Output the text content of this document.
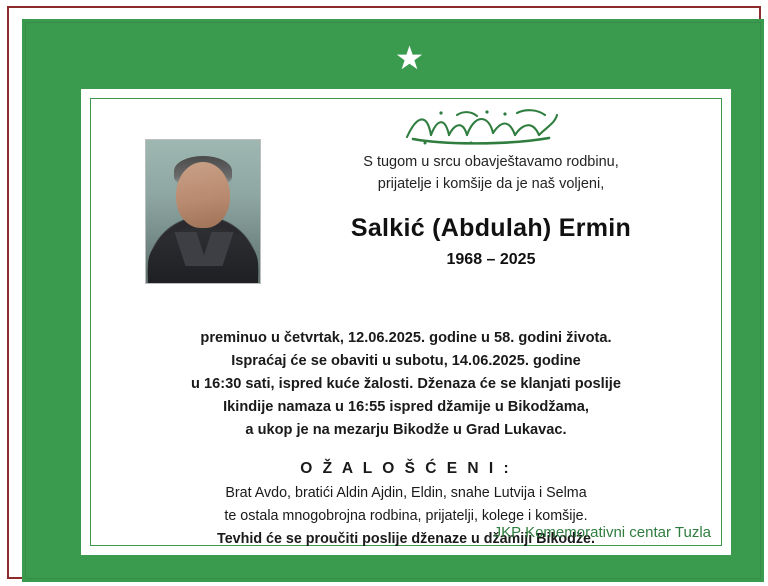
S tugom u srcu obavještavamo rodbinu,
prijatelje i komšije da je naš voljeni,
Salkić (Abdulah) Ermin
1968 – 2025
preminuo u četvrtak, 12.06.2025. godine u 58. godini života.
Ispraćaj će se obaviti u subotu, 14.06.2025. godine
u 16:30 sati, ispred kuće žalosti. Dženaza će se klanjati poslije
Ikindije namaza u 16:55 ispred džamije u Bikodžama,
a ukop je na mezarju Bikodže u Grad Lukavac.
O Ž A L O Š Ć E N I :
Brat Avdo, bratići Aldin Ajdin, Eldin, snahe Lutvija i Selma
te ostala mnogobrojna rodbina, prijatelji, kolege i komšije.
Tevhid će se proučiti poslije dženaze u džamiji Bikodže.
JKP Komemorativni centar Tuzla
